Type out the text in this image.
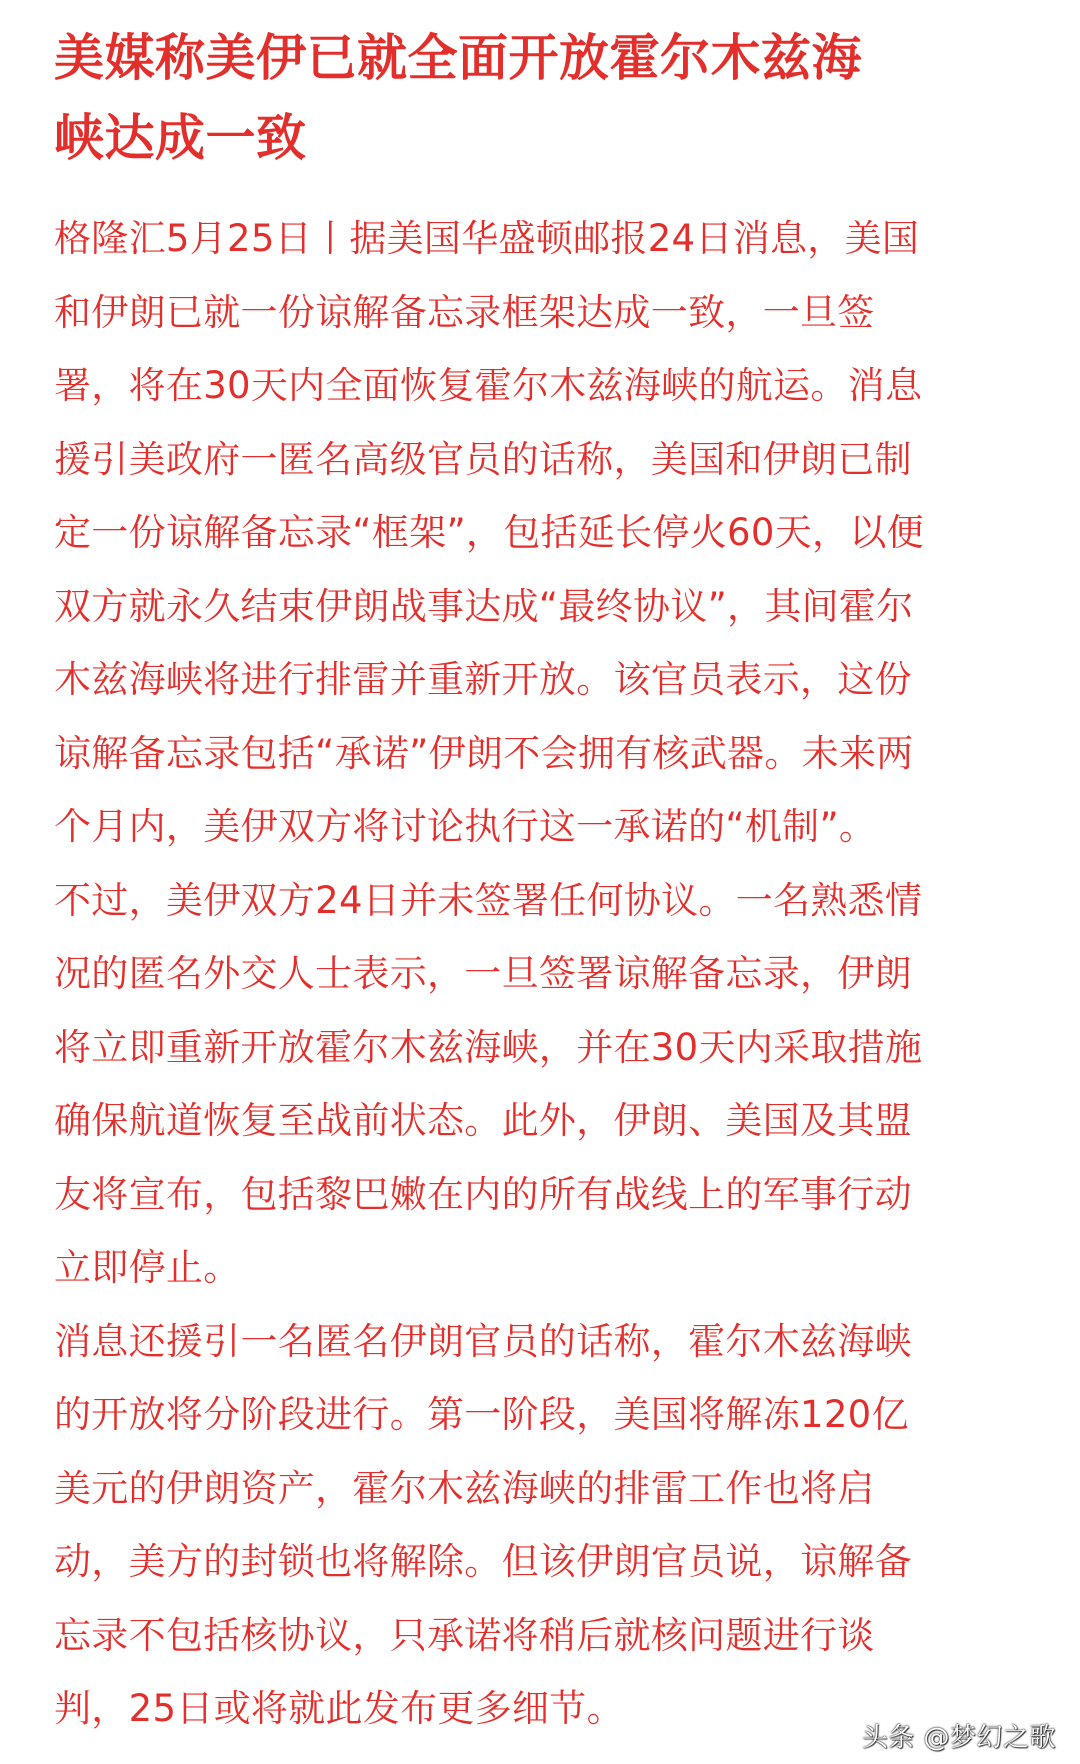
美媒称美伊已就全面开放霍尔木兹海
峡达成一致

格隆汇5月25日丨据美国华盛顿邮报24日消息，美国
和伊朗已就一份谅解备忘录框架达成一致，一旦签
署，将在30天内全面恢复霍尔木兹海峡的航运。消息
援引美政府一匿名高级官员的话称，美国和伊朗已制
定一份谅解备忘录“框架”，包括延长停火60天，以便
双方就永久结束伊朗战事达成“最终协议”，其间霍尔
木兹海峡将进行排雷并重新开放。该官员表示，这份
谅解备忘录包括“承诺”伊朗不会拥有核武器。未来两
个月内，美伊双方将讨论执行这一承诺的“机制”。

不过，美伊双方24日并未签署任何协议。一名熟悉情
况的匿名外交人士表示，一旦签署谅解备忘录，伊朗
将立即重新开放霍尔木兹海峡，并在30天内采取措施
确保航道恢复至战前状态。此外，伊朗、美国及其盟
友将宣布，包括黎巴嫩在内的所有战线上的军事行动
立即停止。

消息还援引一名匿名伊朗官员的话称，霍尔木兹海峡
的开放将分阶段进行。第一阶段，美国将解冻120亿
美元的伊朗资产，霍尔木兹海峡的排雷工作也将启
动，美方的封锁也将解除。但该伊朗官员说，谅解备
忘录不包括核协议，只承诺将稍后就核问题进行谈
判，25日或将就此发布更多细节。

头条 @梦幻之歌
